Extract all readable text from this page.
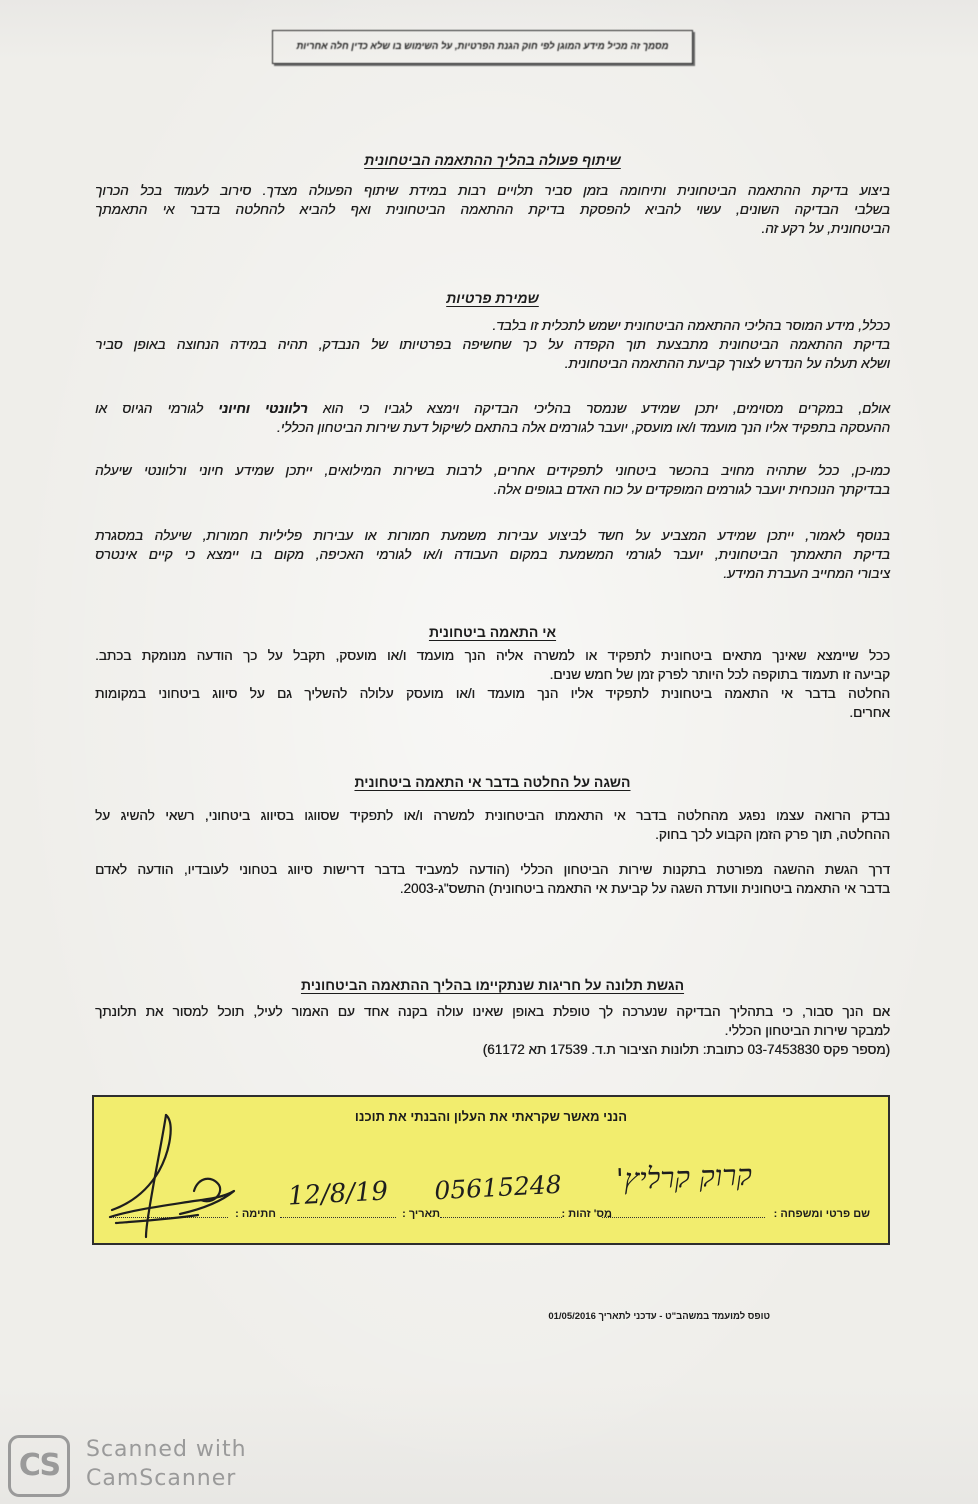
מסמך זה מכיל מידע המוגן לפי חוק הגנת הפרטיות, על השימוש בו שלא כדין חלה אחריות
שיתוף פעולה בהליך ההתאמה הביטחונית
ביצוע בדיקת ההתאמה הביטחונית ותיחומה בזמן סביר תלויים רבות במידת שיתוף הפעולה מצדך. סירוב לעמוד בכל הכרוך
בשלבי הבדיקה השונים, עשוי להביא להפסקת בדיקת ההתאמה הביטחונית ואף להביא להחלטה בדבר אי התאמתך
הביטחונית, על רקע זה.
שמירת פרטיות
ככלל, מידע המוסר בהליכי ההתאמה הביטחונית ישמש לתכלית זו בלבד.
בדיקת ההתאמה הביטחונית מתבצעת תוך הקפדה על כך שחשיפה בפרטיותו של הנבדק, תהיה במידה הנחוצה באופן סביר
ושלא תעלה על הנדרש לצורך קביעת ההתאמה הביטחונית.
אולם, במקרים מסוימים, יתכן שמידע שנמסר בהליכי הבדיקה וימצא לגביו כי הוא רלוונטי וחיוני לגורמי הגיוס או
ההעסקה בתפקיד אליו הנך מועמד ו/או מועסק, יועבר לגורמים אלה בהתאם לשיקול דעת שירות הביטחון הכללי.
כמו-כן, ככל שתהיה מחויב בהכשר ביטחוני לתפקידים אחרים, לרבות בשירות המילואים, ייתכן שמידע חיוני ורלוונטי שיעלה
בבדיקתך הנוכחית יועבר לגורמים המופקדים על כוח האדם בגופים אלה.
בנוסף לאמור, ייתכן שמידע המצביע על חשד לביצוע עבירות משמעת חמורות או עבירות פליליות חמורות, שיעלה במסגרת
בדיקת התאמתך הביטחונית, יועבר לגורמי המשמעת במקום העבודה ו/או לגורמי האכיפה, מקום בו יימצא כי קיים אינטרס
ציבורי המחייב העברת המידע.
אי התאמה ביטחונית
ככל שיימצא שאינך מתאים ביטחונית לתפקיד או למשרה אליה הנך מועמד ו/או מועסק, תקבל על כך הודעה מנומקת בכתב.
קביעה זו תעמוד בתוקפה לכל היותר לפרק זמן של חמש שנים.
החלטה בדבר אי התאמה ביטחונית לתפקיד אליו הנך מועמד ו/או מועסק עלולה להשליך גם על סיווג ביטחוני במקומות
אחרים.
השגה על החלטה בדבר אי התאמה ביטחונית
נבדק הרואה עצמו נפגע מהחלטה בדבר אי התאמתו הביטחונית למשרה ו/או לתפקיד שסווגו בסיווג ביטחוני, רשאי להשיג על
ההחלטה, תוך פרק הזמן הקבוע לכך בחוק.
דרך הגשת ההשגה מפורטת בתקנות שירות הביטחון הכללי (הודעה למעביד בדבר דרישות סיווג בטחוני לעובדיו, הודעה לאדם
בדבר אי התאמה ביטחונית וועדת השגה על קביעת אי התאמה ביטחונית) התשס"ג-2003.
הגשת תלונה על חריגות שנתקיימו בהליך ההתאמה הביטחונית
אם הנך סבור, כי בתהליך הבדיקה שנערכה לך טופלת באופן שאינו עולה בקנה אחד עם האמור לעיל, תוכל למסור את תלונתך
למבקר שירות הביטחון הכללי.
(מספר פקס 03-7453830 כתובת: תלונות הציבור ת.ד. 17539 תא 61172)
הנני מאשר שקראתי את העלון והבנתי את תוכנו
שם פרטי ומשפחה :
קרוק קרליץ'
מס' זהות :
05615248
תאריך :
12/8/19
חתימה :
טופס למועמד במשהב"ט - עדכני לתאריך 01/05/2016
CS	Scanned with
CamScanner
